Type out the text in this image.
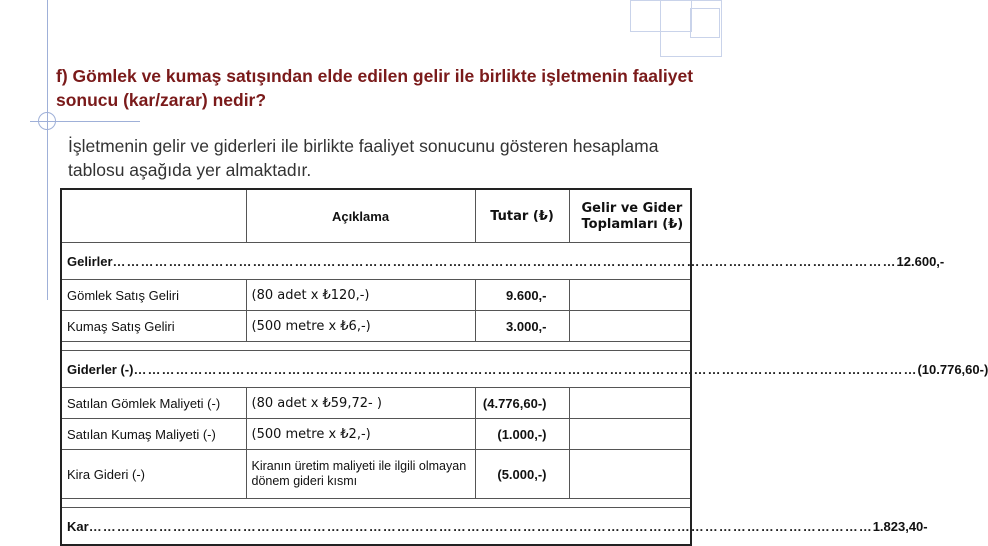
f) Gömlek ve kumaş satışından elde edilen gelir ile birlikte işletmenin faaliyet sonucu (kar/zarar) nedir?
İşletmenin gelir ve giderleri ile birlikte faaliyet sonucunu gösteren hesaplama tablosu aşağıda yer almaktadır.
	Açıklama	Tutar (₺)	Gelir ve Gider Toplamları (₺)

Gelirler …………………………………………………………………………………………………………………………………………………… 12.600,-			

Gömlek Satış Geliri	(80 adet x ₺120,-)	9.600,-	
Kumaş Satış Geliri	(500 metre x ₺6,-)	3.000,-	

Giderler (-) …………………………………………………………………………………………………………………………………………………… (10.776,60-)			

Satılan Gömlek Maliyeti (-)	(80 adet x ₺59,72- )	(4.776,60-)	
Satılan Kumaş Maliyeti (-)	(500 metre x ₺2,-)	(1.000,-)	
Kira Gideri (-)	Kiranın üretim maliyeti ile ilgili olmayan dönem gideri kısmı	(5.000,-)	

Kar …………………………………………………………………………………………………………………………………………………… 1.823,40-			
